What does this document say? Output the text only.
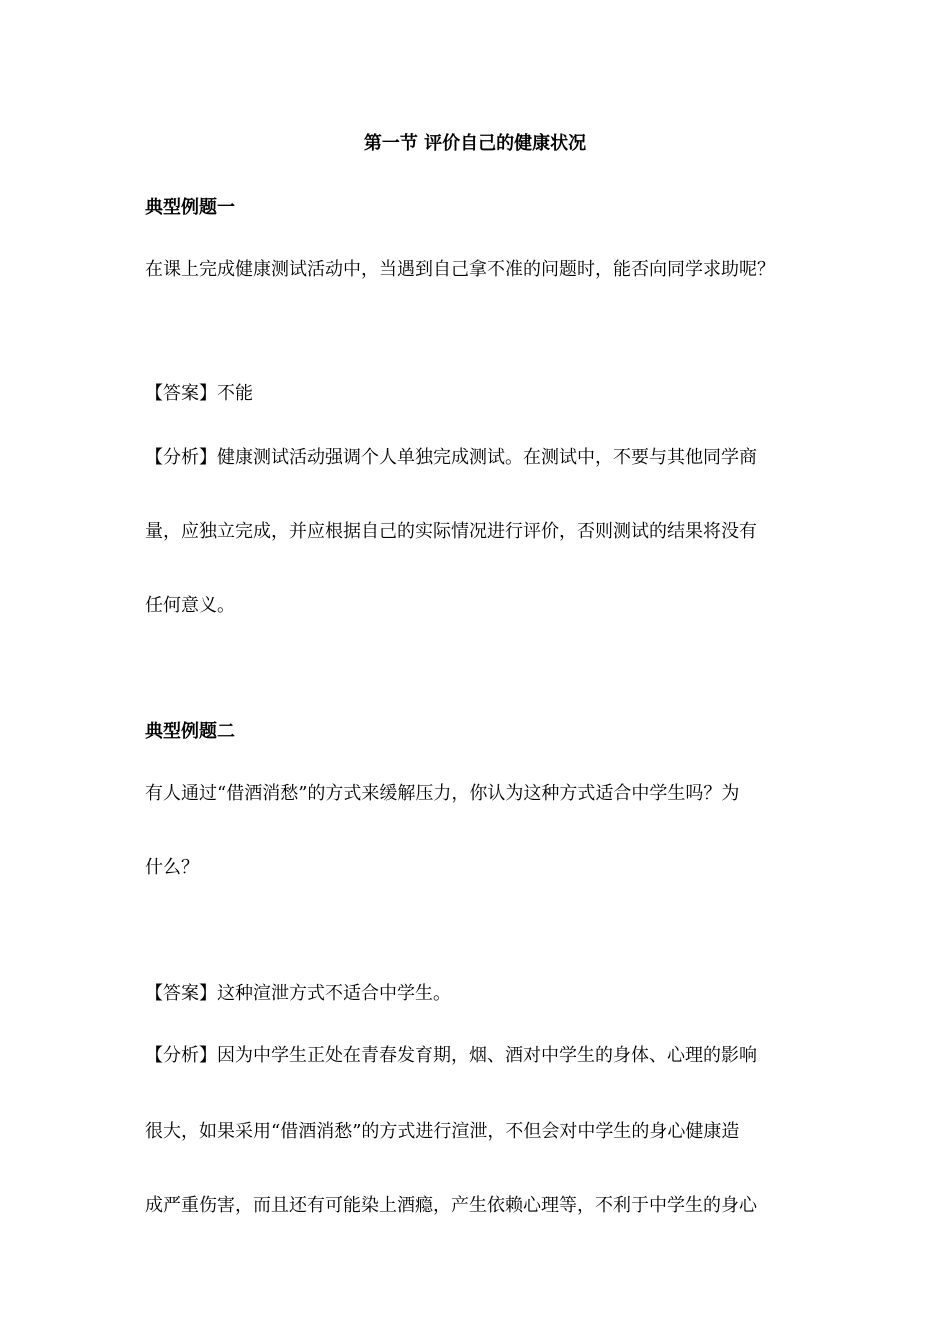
第一节 评价自己的健康状况
典型例题一
在课上完成健康测试活动中，当遇到自己拿不准的问题时，能否向同学求助呢？
【答案】不能
【分析】健康测试活动强调个人单独完成测试。在测试中，不要与其他同学商
量，应独立完成，并应根据自己的实际情况进行评价，否则测试的结果将没有
任何意义。
典型例题二
有人通过“借酒消愁”的方式来缓解压力，你认为这种方式适合中学生吗？为
什么？
【答案】这种渲泄方式不适合中学生。
【分析】因为中学生正处在青春发育期，烟、酒对中学生的身体、心理的影响
很大，如果采用“借酒消愁”的方式进行渲泄，不但会对中学生的身心健康造
成严重伤害，而且还有可能染上酒瘾，产生依赖心理等，不利于中学生的身心
